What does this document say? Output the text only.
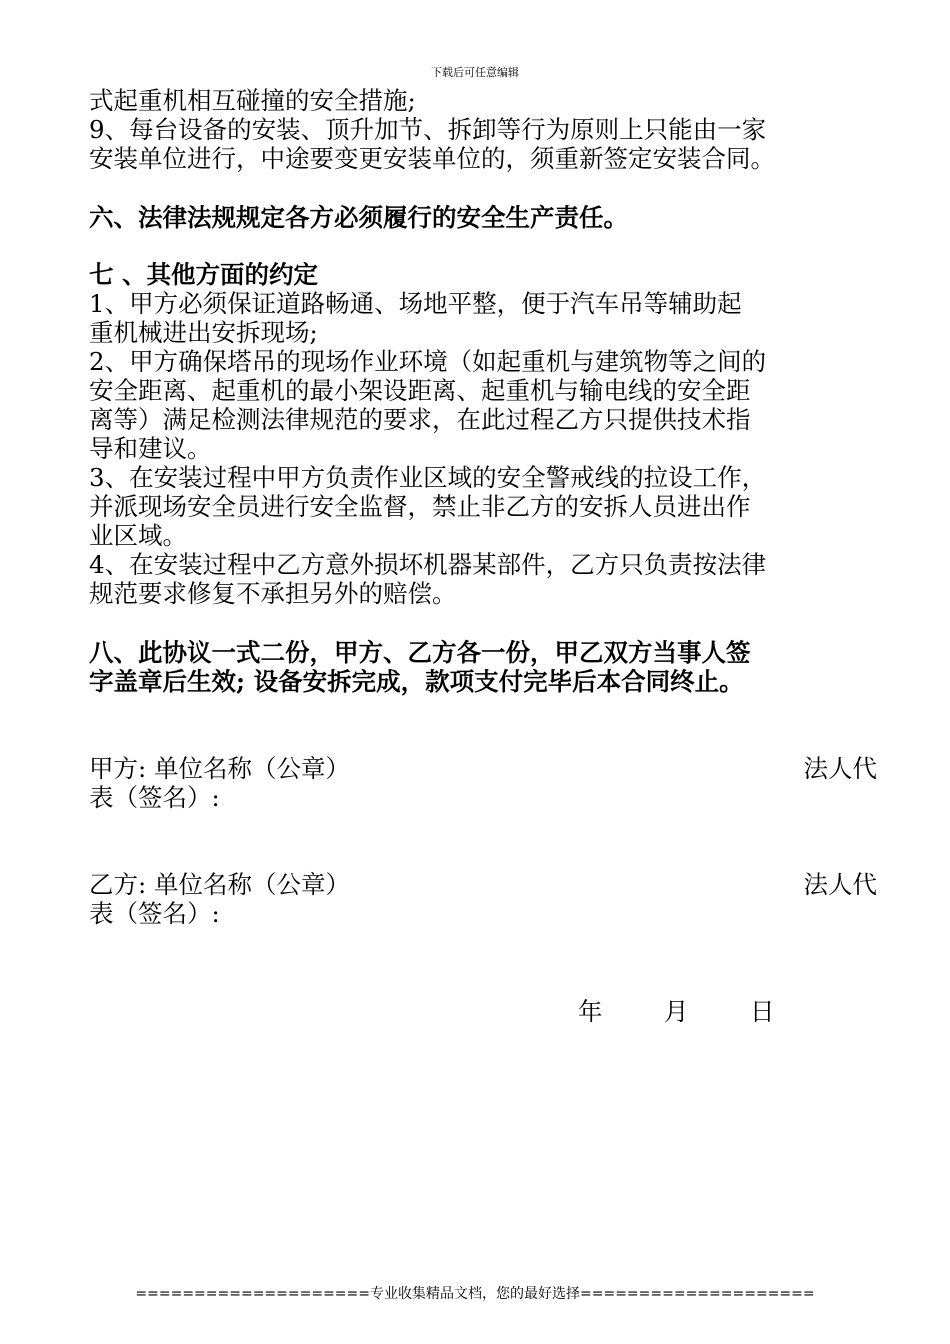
下载后可任意编辑
式起重机相互碰撞的安全措施;
9、每台设备的安装、顶升加节、拆卸等行为原则上只能由一家
安装单位进行，中途要变更安装单位的，须重新签定安装合同。
六、法律法规规定各方必须履行的安全生产责任。
七 、其他方面的约定
1、甲方必须保证道路畅通、场地平整，便于汽车吊等辅助起
重机械进出安拆现场;
2、甲方确保塔吊的现场作业环境（如起重机与建筑物等之间的
安全距离、起重机的最小架设距离、起重机与输电线的安全距
离等）满足检测法律规范的要求，在此过程乙方只提供技术指
导和建议。
3、在安装过程中甲方负责作业区域的安全警戒线的拉设工作，
并派现场安全员进行安全监督，禁止非乙方的安拆人员进出作
业区域。
4、在安装过程中乙方意外损坏机器某部件，乙方只负责按法律
规范要求修复不承担另外的赔偿。
八、此协议一式二份，甲方、乙方各一份，甲乙双方当事人签
字盖章后生效; 设备安拆完成，款项支付完毕后本合同终止。
甲方: 单位名称（公章）	法人代
表（签名）:
乙方: 单位名称（公章）	法人代
表（签名）:
年	月	日
====================专业收集精品文档，您的最好选择====================
